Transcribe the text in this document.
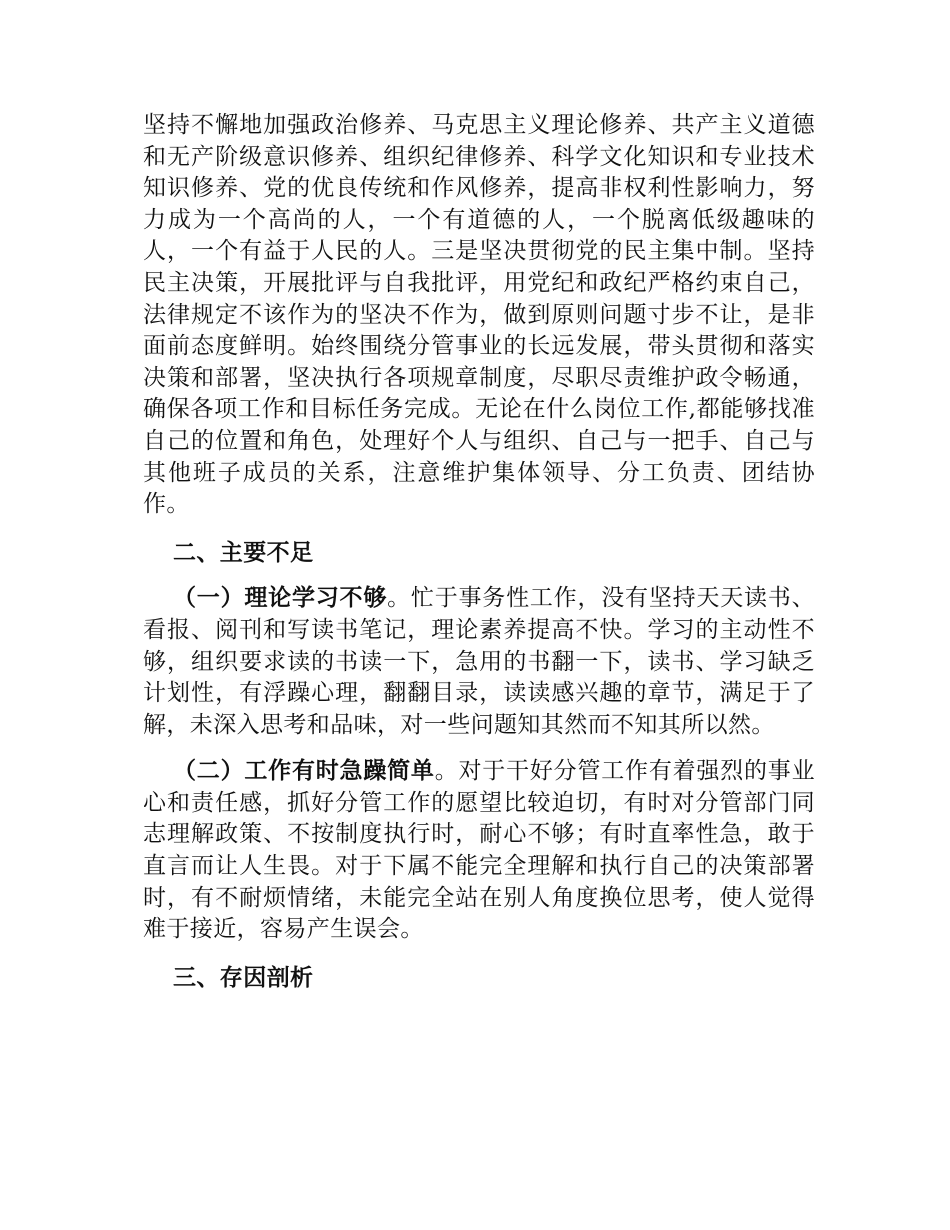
坚持不懈地加强政治修养、马克思主义理论修养、共产主义道德和无产阶级意识修养、组织纪律修养、科学文化知识和专业技术知识修养、党的优良传统和作风修养，提高非权利性影响力，努力成为一个高尚的人，一个有道德的人，一个脱离低级趣味的人，一个有益于人民的人。三是坚决贯彻党的民主集中制。坚持民主决策，开展批评与自我批评，用党纪和政纪严格约束自己，法律规定不该作为的坚决不作为，做到原则问题寸步不让，是非面前态度鲜明。始终围绕分管事业的长远发展，带头贯彻和落实决策和部署，坚决执行各项规章制度，尽职尽责维护政令畅通，确保各项工作和目标任务完成。无论在什么岗位工作,都能够找准自己的位置和角色，处理好个人与组织、自己与一把手、自己与其他班子成员的关系，注意维护集体领导、分工负责、团结协作。

二、主要不足

（一）理论学习不够。忙于事务性工作，没有坚持天天读书、看报、阅刊和写读书笔记，理论素养提高不快。学习的主动性不够，组织要求读的书读一下，急用的书翻一下，读书、学习缺乏计划性，有浮躁心理，翻翻目录，读读感兴趣的章节，满足于了解，未深入思考和品味，对一些问题知其然而不知其所以然。

（二）工作有时急躁简单。对于干好分管工作有着强烈的事业心和责任感，抓好分管工作的愿望比较迫切，有时对分管部门同志理解政策、不按制度执行时，耐心不够；有时直率性急，敢于直言而让人生畏。对于下属不能完全理解和执行自己的决策部署时，有不耐烦情绪，未能完全站在别人角度换位思考，使人觉得难于接近，容易产生误会。

三、存因剖析
